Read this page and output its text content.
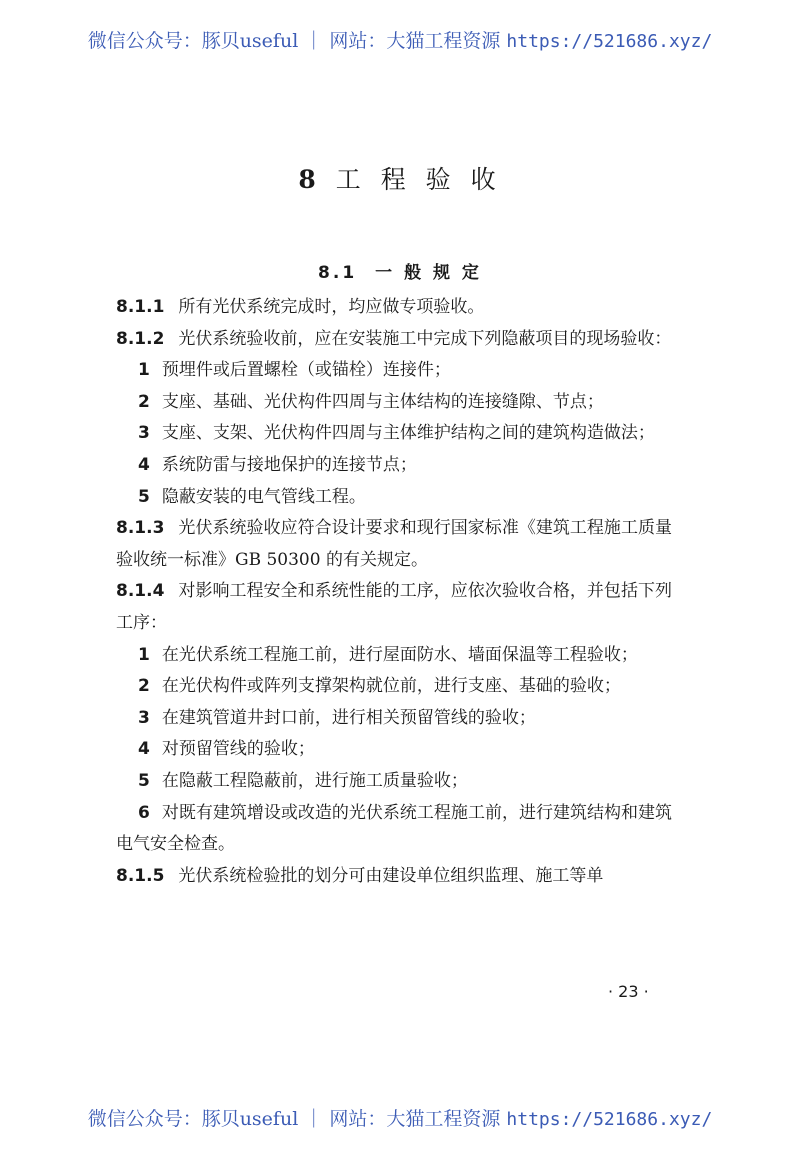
微信公众号：豚贝useful ｜ 网站：大猫工程资源 https://521686.xyz/
8 工 程 验 收
8.1 一 般 规 定

8.1.1 所有光伏系统完成时，均应做专项验收。

8.1.2 光伏系统验收前，应在安装施工中完成下列隐蔽项目的现场验收：

1 预埋件或后置螺栓（或锚栓）连接件；

2 支座、基础、光伏构件四周与主体结构的连接缝隙、节点；

3 支座、支架、光伏构件四周与主体维护结构之间的建筑构造做法；

4 系统防雷与接地保护的连接节点；

5 隐蔽安装的电气管线工程。

8.1.3 光伏系统验收应符合设计要求和现行国家标准《建筑工程施工质量验收统一标准》GB 50300 的有关规定。

8.1.4 对影响工程安全和系统性能的工序，应依次验收合格，并包括下列工序：

1 在光伏系统工程施工前，进行屋面防水、墙面保温等工程验收；

2 在光伏构件或阵列支撑架构就位前，进行支座、基础的验收；

3 在建筑管道井封口前，进行相关预留管线的验收；

4 对预留管线的验收；

5 在隐蔽工程隐蔽前，进行施工质量验收；

6 对既有建筑增设或改造的光伏系统工程施工前，进行建筑结构和建筑电气安全检查。

8.1.5 光伏系统检验批的划分可由建设单位组织监理、施工等单

· 23 ·
微信公众号：豚贝useful ｜ 网站：大猫工程资源 https://521686.xyz/
